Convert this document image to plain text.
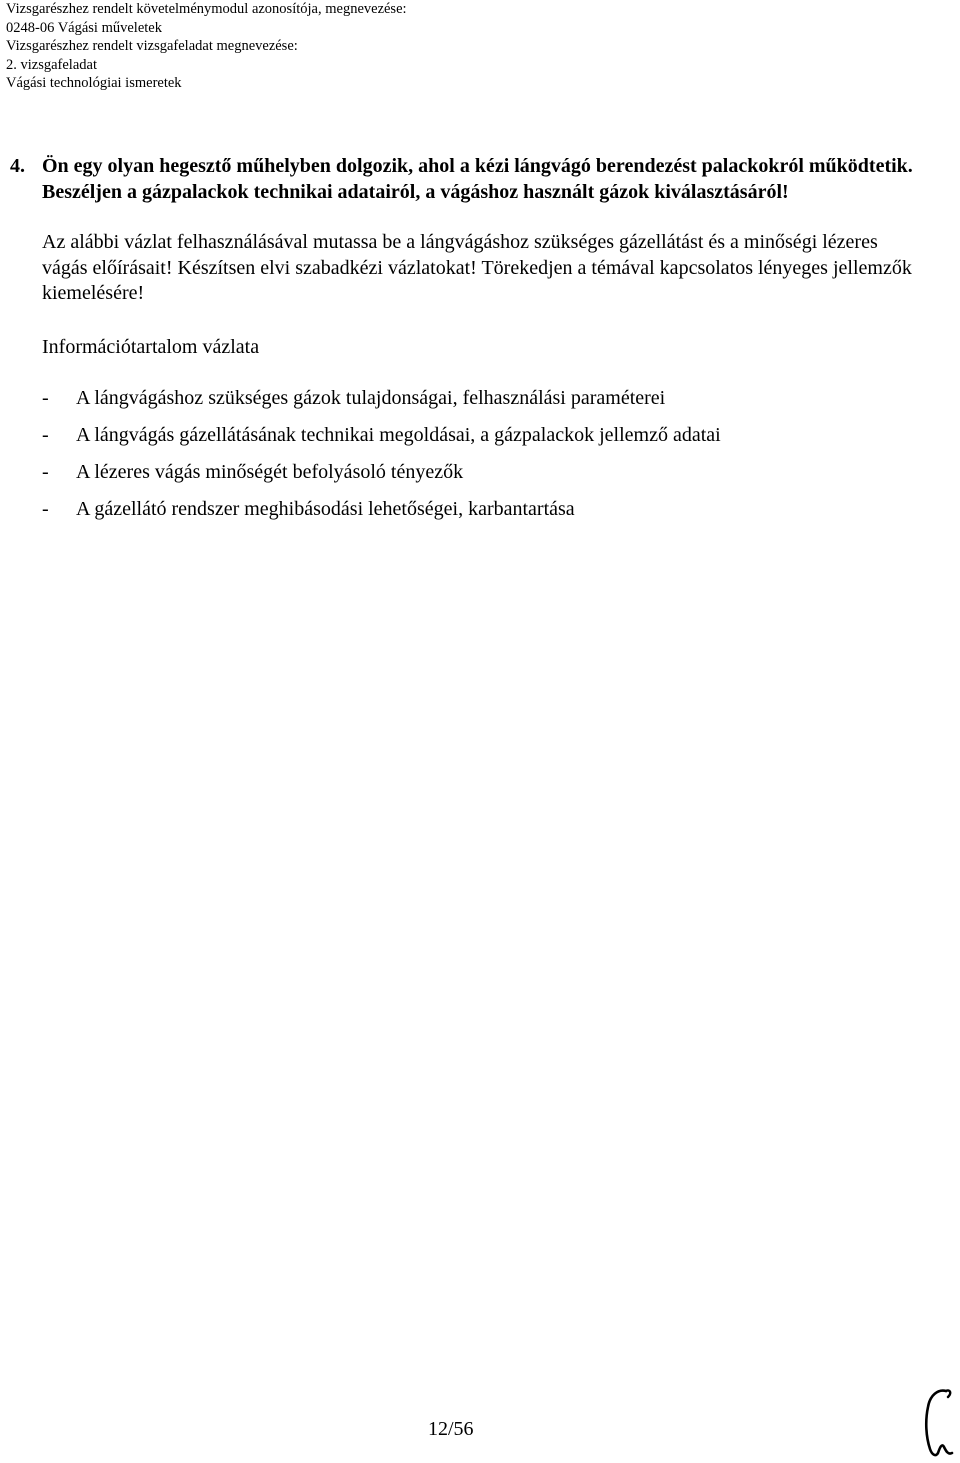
Vizsgarészhez rendelt követelménymodul azonosítója, megnevezése:
0248-06 Vágási műveletek
Vizsgarészhez rendelt vizsgafeladat megnevezése:
2. vizsgafeladat
Vágási technológiai ismeretek
4. Ön egy olyan hegesztő műhelyben dolgozik, ahol a kézi lángvágó berendezést palackokról működtetik. Beszéljen a gázpalackok technikai adatairól, a vágáshoz használt gázok kiválasztásáról!
Az alábbi vázlat felhasználásával mutassa be a lángvágáshoz szükséges gázellátást és a minőségi lézeres vágás előírásait! Készítsen elvi szabadkézi vázlatokat! Törekedjen a témával kapcsolatos lényeges jellemzők kiemelésére!
Információtartalom vázlata
-	A lángvágáshoz szükséges gázok tulajdonságai, felhasználási paraméterei
-	A lángvágás gázellátásának technikai megoldásai, a gázpalackok jellemző adatai
-	A lézeres vágás minőségét befolyásoló tényezők
-	A gázellátó rendszer meghibásodási lehetőségei, karbantartása
12/56
